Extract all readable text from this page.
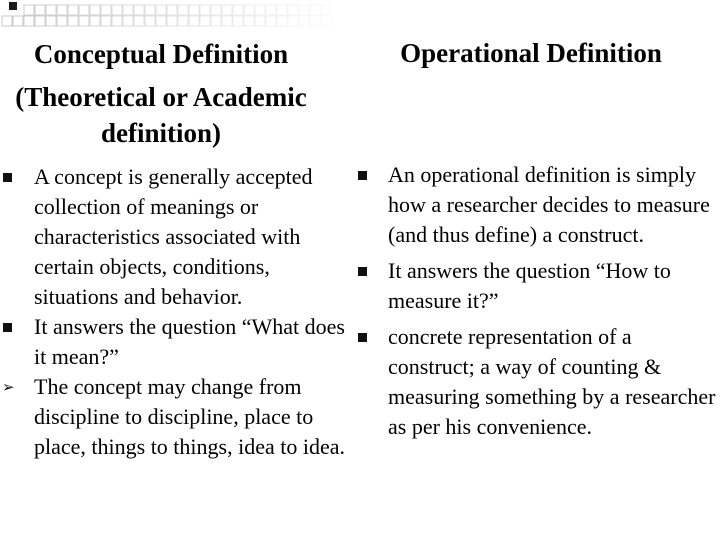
Conceptual Definition
(Theoretical or Academic definition)
Operational Definition
A concept is generally accepted collection of meanings or characteristics associated with certain objects, conditions, situations and behavior.
It answers the question “What does it mean?”
➢
The concept may change from discipline to discipline, place to place, things to things, idea to idea.
An operational definition is simply how a researcher decides to measure (and thus define) a construct.
It answers the question “How to measure it?”
concrete representation of a construct; a way of counting & measuring something by a researcher as per his convenience.
